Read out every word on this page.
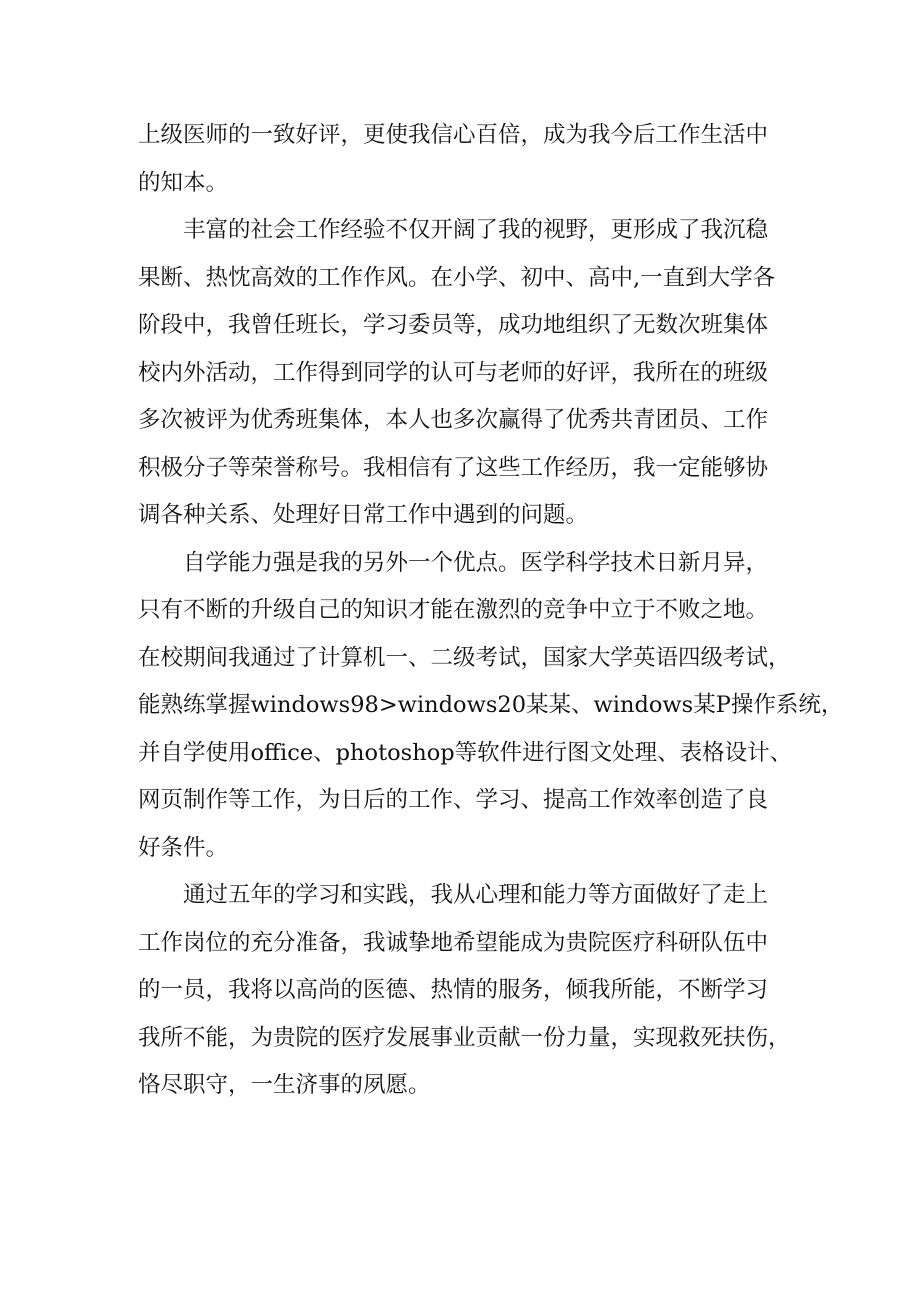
上级医师的一致好评，更使我信心百倍，成为我今后工作生活中
的知本。
　　丰富的社会工作经验不仅开阔了我的视野，更形成了我沉稳
果断、热忱高效的工作作风。在小学、初中、高中,一直到大学各
阶段中，我曾任班长，学习委员等，成功地组织了无数次班集体
校内外活动，工作得到同学的认可与老师的好评，我所在的班级
多次被评为优秀班集体，本人也多次赢得了优秀共青团员、工作
积极分子等荣誉称号。我相信有了这些工作经历，我一定能够协
调各种关系、处理好日常工作中遇到的问题。
　　自学能力强是我的另外一个优点。医学科学技术日新月异，
只有不断的升级自己的知识才能在激烈的竞争中立于不败之地。
在校期间我通过了计算机一、二级考试，国家大学英语四级考试，
能熟练掌握windows98>windows20某某、windows某P操作系统，
并自学使用office、photoshop等软件进行图文处理、表格设计、
网页制作等工作，为日后的工作、学习、提高工作效率创造了良
好条件。
　　通过五年的学习和实践，我从心理和能力等方面做好了走上
工作岗位的充分准备，我诚挚地希望能成为贵院医疗科研队伍中
的一员，我将以高尚的医德、热情的服务，倾我所能，不断学习
我所不能，为贵院的医疗发展事业贡献一份力量，实现救死扶伤，
恪尽职守，一生济事的夙愿。
